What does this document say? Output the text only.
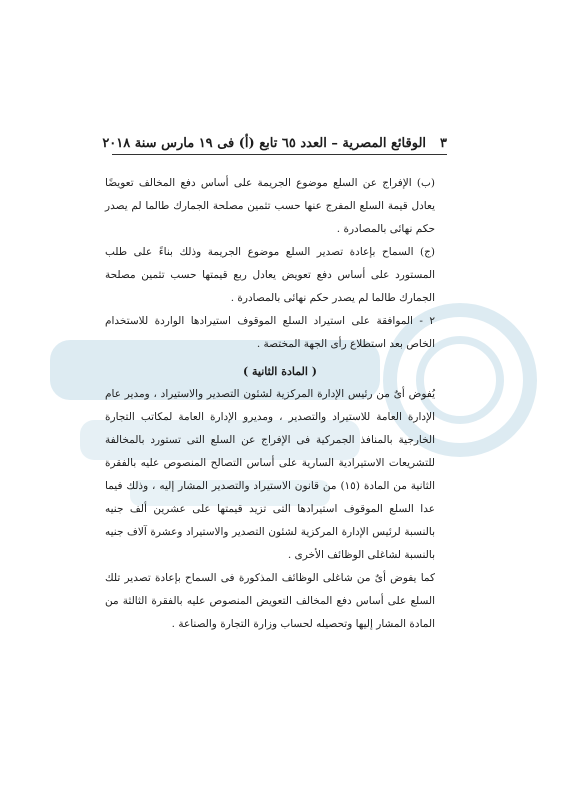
٣
الوقائع المصرية – العدد ٦٥ تابع (أ) فى ١٩ مارس سنة ٢٠١٨

(ب) الإفراج عن السلع موضوع الجريمة على أساس دفع المخالف تعويضًا يعادل قيمة السلع المفرج عنها حسب تثمين مصلحة الجمارك طالما لم يصدر حكم نهائى بالمصادرة .

(ج) السماح بإعادة تصدير السلع موضوع الجريمة وذلك بناءً على طلب المستورد على أساس دفع تعويض يعادل ربع قيمتها حسب تثمين مصلحة الجمارك طالما لم يصدر حكم نهائى بالمصادرة .

٢ - الموافقة على استيراد السلع الموقوف استيرادها الواردة للاستخدام الخاص بعد استطلاع رأى الجهة المختصة .

( المادة الثانية )

يُفوض أىٌ من رئيس الإدارة المركزية لشئون التصدير والاستيراد ، ومدير عام الإدارة العامة للاستيراد والتصدير ، ومديرو الإدارة العامة لمكاتب التجارة الخارجية بالمنافذ الجمركية فى الإفراج عن السلع التى تستورد بالمخالفة للتشريعات الاستيرادية السارية على أساس التصالح المنصوص عليه بالفقرة الثانية من المادة (١٥) من قانون الاستيراد والتصدير المشار إليه ، وذلك فيما عدا السلع الموقوف استيرادها التى تزيد قيمتها على عشرين ألف جنيه بالنسبة لرئيس الإدارة المركزية لشئون التصدير والاستيراد وعشرة آلاف جنيه بالنسبة لشاغلى الوظائف الأخرى .

كما يفوض أىٌ من شاغلى الوظائف المذكورة فى السماح بإعادة تصدير تلك السلع على أساس دفع المخالف التعويض المنصوص عليه بالفقرة الثالثة من المادة المشار إليها وتحصيله لحساب وزارة التجارة والصناعة .
